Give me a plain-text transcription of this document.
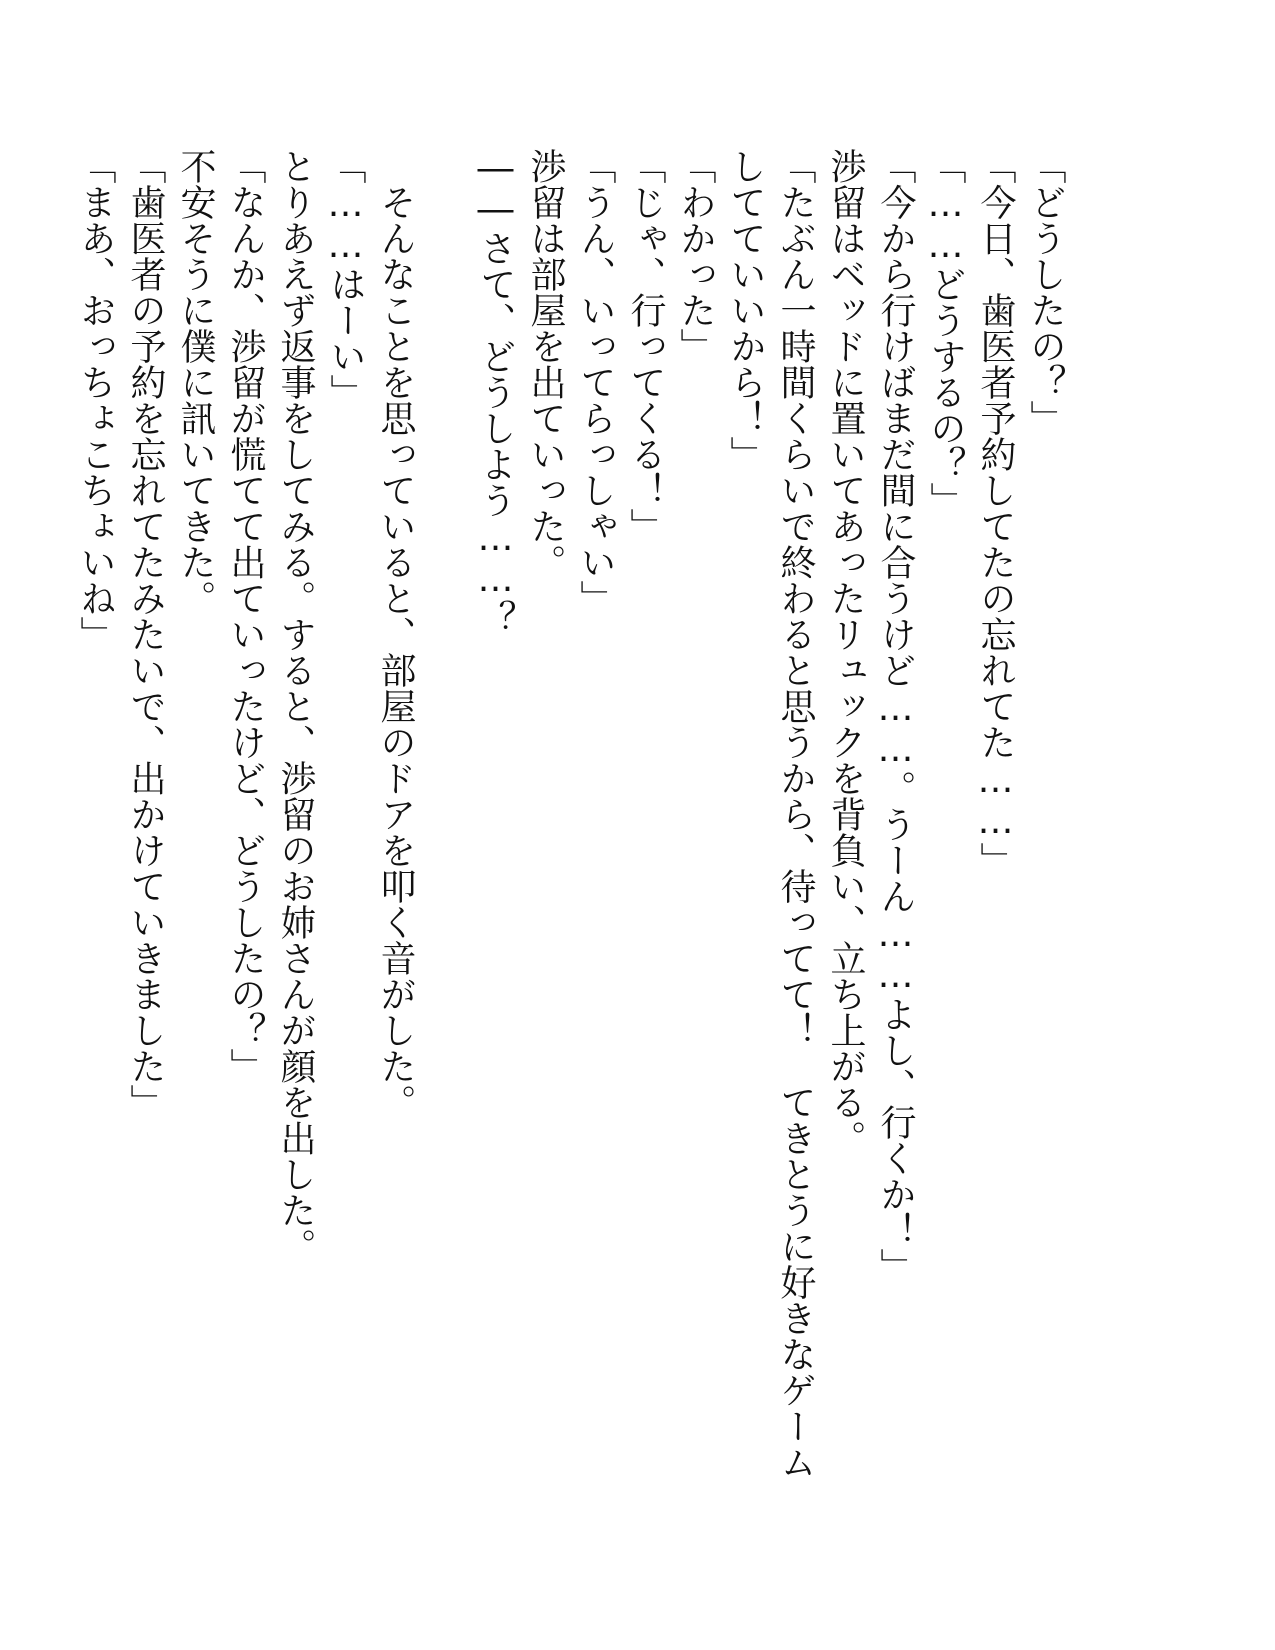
「どうしたの？」

「今日、歯医者予約してたの忘れてた……」

「……どうするの？」

「今から行けばまだ間に合うけど……。うーん……よし、行くか！」

渉留はベッドに置いてあったリュックを背負い、立ち上がる。

「たぶん一時間くらいで終わると思うから、待ってて！　てきとうに好きなゲームしてていいから！」

「わかった」

「じゃ、行ってくる！」

「うん、いってらっしゃい」

渉留は部屋を出ていった。

――さて、どうしよう……？

　そんなことを思っていると、部屋のドアを叩く音がした。

「……はーい」

とりあえず返事をしてみる。すると、渉留のお姉さんが顔を出した。

「なんか、渉留が慌てて出ていったけど、どうしたの？」

不安そうに僕に訊いてきた。

「歯医者の予約を忘れてたみたいで、出かけていきました」

「まあ、おっちょこちょいね」
